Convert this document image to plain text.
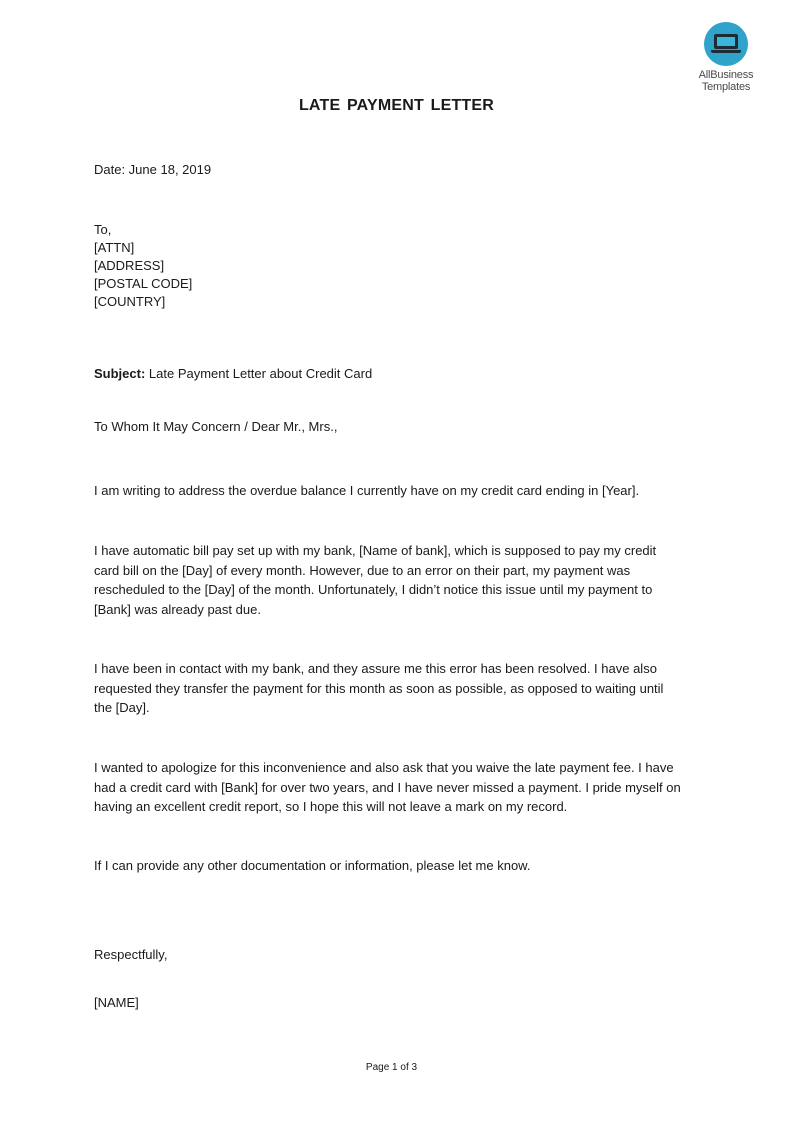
AllBusiness
Templates
LATE PAYMENT LETTER
Date: June 18, 2019
To,
[ATTN]
[ADDRESS]
[POSTAL CODE]
[COUNTRY]
Subject: Late Payment Letter about Credit Card
To Whom It May Concern / Dear Mr., Mrs.,
I am writing to address the overdue balance I currently have on my credit card ending in [Year].
I have automatic bill pay set up with my bank, [Name of bank], which is supposed to pay my credit
card bill on the [Day] of every month. However, due to an error on their part, my payment was
rescheduled to the [Day] of the month. Unfortunately, I didn’t notice this issue until my payment to
[Bank] was already past due.
I have been in contact with my bank, and they assure me this error has been resolved. I have also
requested they transfer the payment for this month as soon as possible, as opposed to waiting until
the [Day].
I wanted to apologize for this inconvenience and also ask that you waive the late payment fee. I have
had a credit card with [Bank] for over two years, and I have never missed a payment. I pride myself on
having an excellent credit report, so I hope this will not leave a mark on my record.
If I can provide any other documentation or information, please let me know.
Respectfully,
[NAME]
Page 1 of 3
